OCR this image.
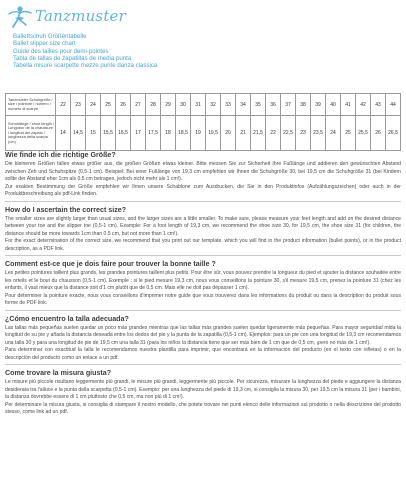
Tanzmuster
Ballettschuh Größentabelle
Ballet slipper size chart
Guide des tailles pour demi-pointes
Tabla de tallas de zapatillas de media punta
Tabella misure scarpette mezze punte danza classica
Tanzmuster Schuhgröße / size / pointure / numero / numero di scarpe	22	23	24	25	26	27	28	29	30	31	32	33	34	35	36	37	38	39	40	41	42	43	44
Schuhlänge / shoe length / Longueur de la chaussure / longitud del zapato / lunghezza della scarpa (cm)	14	14,5	15	15,5	16,5	17	17,5	18	18,5	19	19,5	20	21	21,5	22	22,5	23	23,5	24	25	25,5	26	26,5
Wie finde ich die richtige Größe?

Die kleineren Größen fallen etwas größer aus, die großen Größen etwas kleiner. Bitte messen Sie zur Sicherheit Ihre Fußlänge und addieren den gewünschten Abstand zwischen Zeh und Schuhspitze (0,5-1 cm). Beispiel: Bei einer Fußlänge von 19,3 cm empfehlen wir Ihnen die Schuhgröße 30, bei 19,5 cm die Schuhgröße 31 (bei Kindern sollte der Abstand eher 1cm als 0,5 cm betragen, jedoch nicht mehr als 1 cm!).

Zur exakten Bestimmung der Größe empfehlen wir Ihnen unsere Schablone zum Ausdrucken, die Sie in den Produktinfos (Aufzählungszeichen) oder auch in der Produktbeschreibung als pdf-Link finden.

How do I ascertain the correct size?

The smaller sizes are slightly larger than usual sizes, and the larger sizes are a little smaller. To make sure, please measure your feet length and add on the desired distance between your toe and the slipper toe (0,5-1 cm). Example: For a foot length of 19,3 cm, we recommend the shoe size 30, for 19,5 cm, the shoe size 31 (for children, the distance should be more towards 1cm than 0.5 cm, but not more than 1 cm!).

For the exact determination of the correct size, we recommend that you print out our template, which you will find in the product information (bullet points), or in the product description, as a PDF link.

Comment est-ce que je dois faire pour trouver la bonne taille ?

Les petites pointures taillent plus grands, les grandes pointures taillent plus petits. Pour être sûr, vous pouvez prendre la longueur du pied et ajouter la distance souhaitée entre les orteils et le bout du chausson (0,5-1 cm). Exemple : si le pied mesure 19,3 cm, nous vous conseillons la pointure 30, s'il mesure 19,5 cm, prenez la pointure 31 (chez les enfants, il vaut mieux que la distance soit d'1 cm plutôt que de 0,5 cm. Mais elle ne doit pas dépasser 1 cm).

Pour déterminer la pointure exacte, nous vous conseillons d'imprimer notre guide que vous trouverez dans les informations du produit ou dans la description du produit sous forme de PDF link.

¿Cómo encuentro la talla adecuada?

Las tallas más pequeñas suelen quedar un poco más grandes mientras que las tallas más grandes suelen quedar ligeramente más pequeñas. Para mayor seguridad mida la longitud de su pie y añada la distancia deseada entre los dedos del pie y la punta de la zapatilla (0,5-1 cm). Ejemplos: para un pie con una longitud de 19,3 cm recomendamos una talla 30 y para una longitud de pie de 19,5 cm una talla 31 (para los niños la distancia tiene que ser más bien de 1 cm que de 0,5 cm, ¡pero no más de 1 cm!).

Para determinar con exactitud la talla le recomendamos nuestra plantilla para imprimir, que encontrará en la información del producto (en el texto con viñetas) o en la descripción del producto como un enlace a un pdf.

Come trovare la misura giusta?

Le misure più piccole risultano leggermente più grandi, le misure più grandi, leggermente più piccole. Per sicurezza, misurare la lunghezza del piede e aggiungere la distanza desiderata tra l'alluce e la punta della scarpetta (0,5-1 cm). Esempio: per una lunghezza del piede di 19,3 cm, si consiglia la misura 30, per 19,5 cm la misura 31 (per i bambini, la distanza dovrebbe essere di 1 cm piuttosto che 0,5 cm, ma non più di 1 cm!).

Per determinare la misura giusta, si consiglia di stampare il nostro modello, che potete trovare nei punti elenco delle informazioni sul prodotto o nella descrizione del prodotto stesso, come link ad un pdf.
